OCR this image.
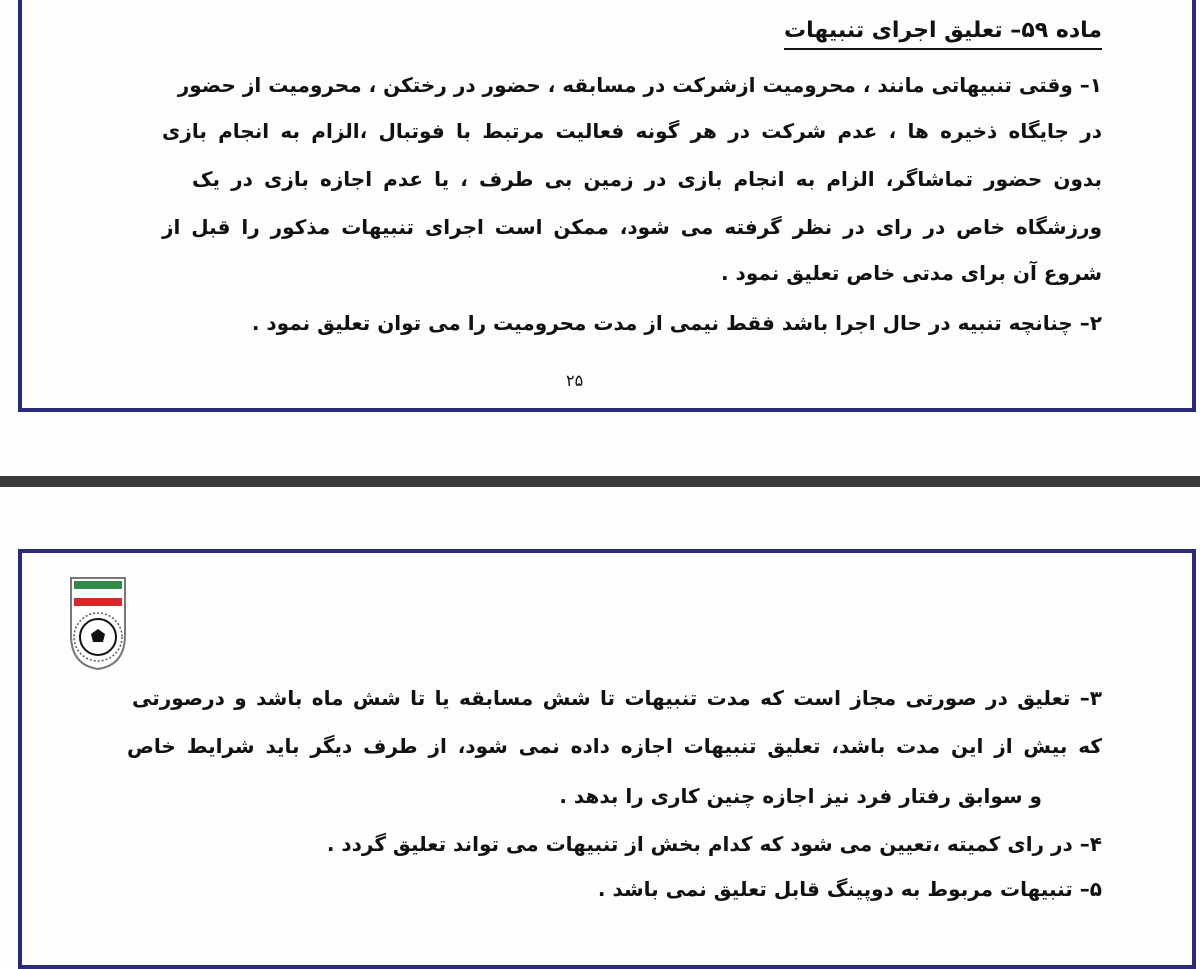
ماده ۵۹– تعلیق اجرای تنبیهات
۱– وقتی تنبیهاتی مانند ، محرومیت ازشرکت در مسابقه ، حضور در رختکن ، محرومیت از حضور
در جایگاه ذخیره ها ، عدم شرکت در هر گونه فعالیت مرتبط با فوتبال ،الزام به انجام بازی
بدون حضور تماشاگر، الزام به انجام بازی در زمین بی طرف ، یا عدم اجازه بازی در یک
ورزشگاه خاص در رای در نظر گرفته می شود، ممکن است اجرای تنبیهات مذکور را قبل از
شروع آن برای مدتی خاص تعلیق نمود .
۲– چنانچه تنبیه در حال اجرا باشد فقط نیمی از مدت محرومیت را می توان تعلیق نمود .
۲۵
۳– تعلیق در صورتی مجاز است که مدت تنبیهات تا شش مسابقه یا تا شش ماه باشد و درصورتی
که بیش از این مدت باشد، تعلیق تنبیهات اجازه داده نمی شود، از طرف دیگر باید شرایط خاص
و سوابق رفتار فرد نیز اجازه چنین کاری را بدهد .
۴– در رای کمیته ،تعیین می شود که کدام بخش از تنبیهات می تواند تعلیق گردد .
۵– تنبیهات مربوط به دوپینگ قابل تعلیق نمی باشد .
